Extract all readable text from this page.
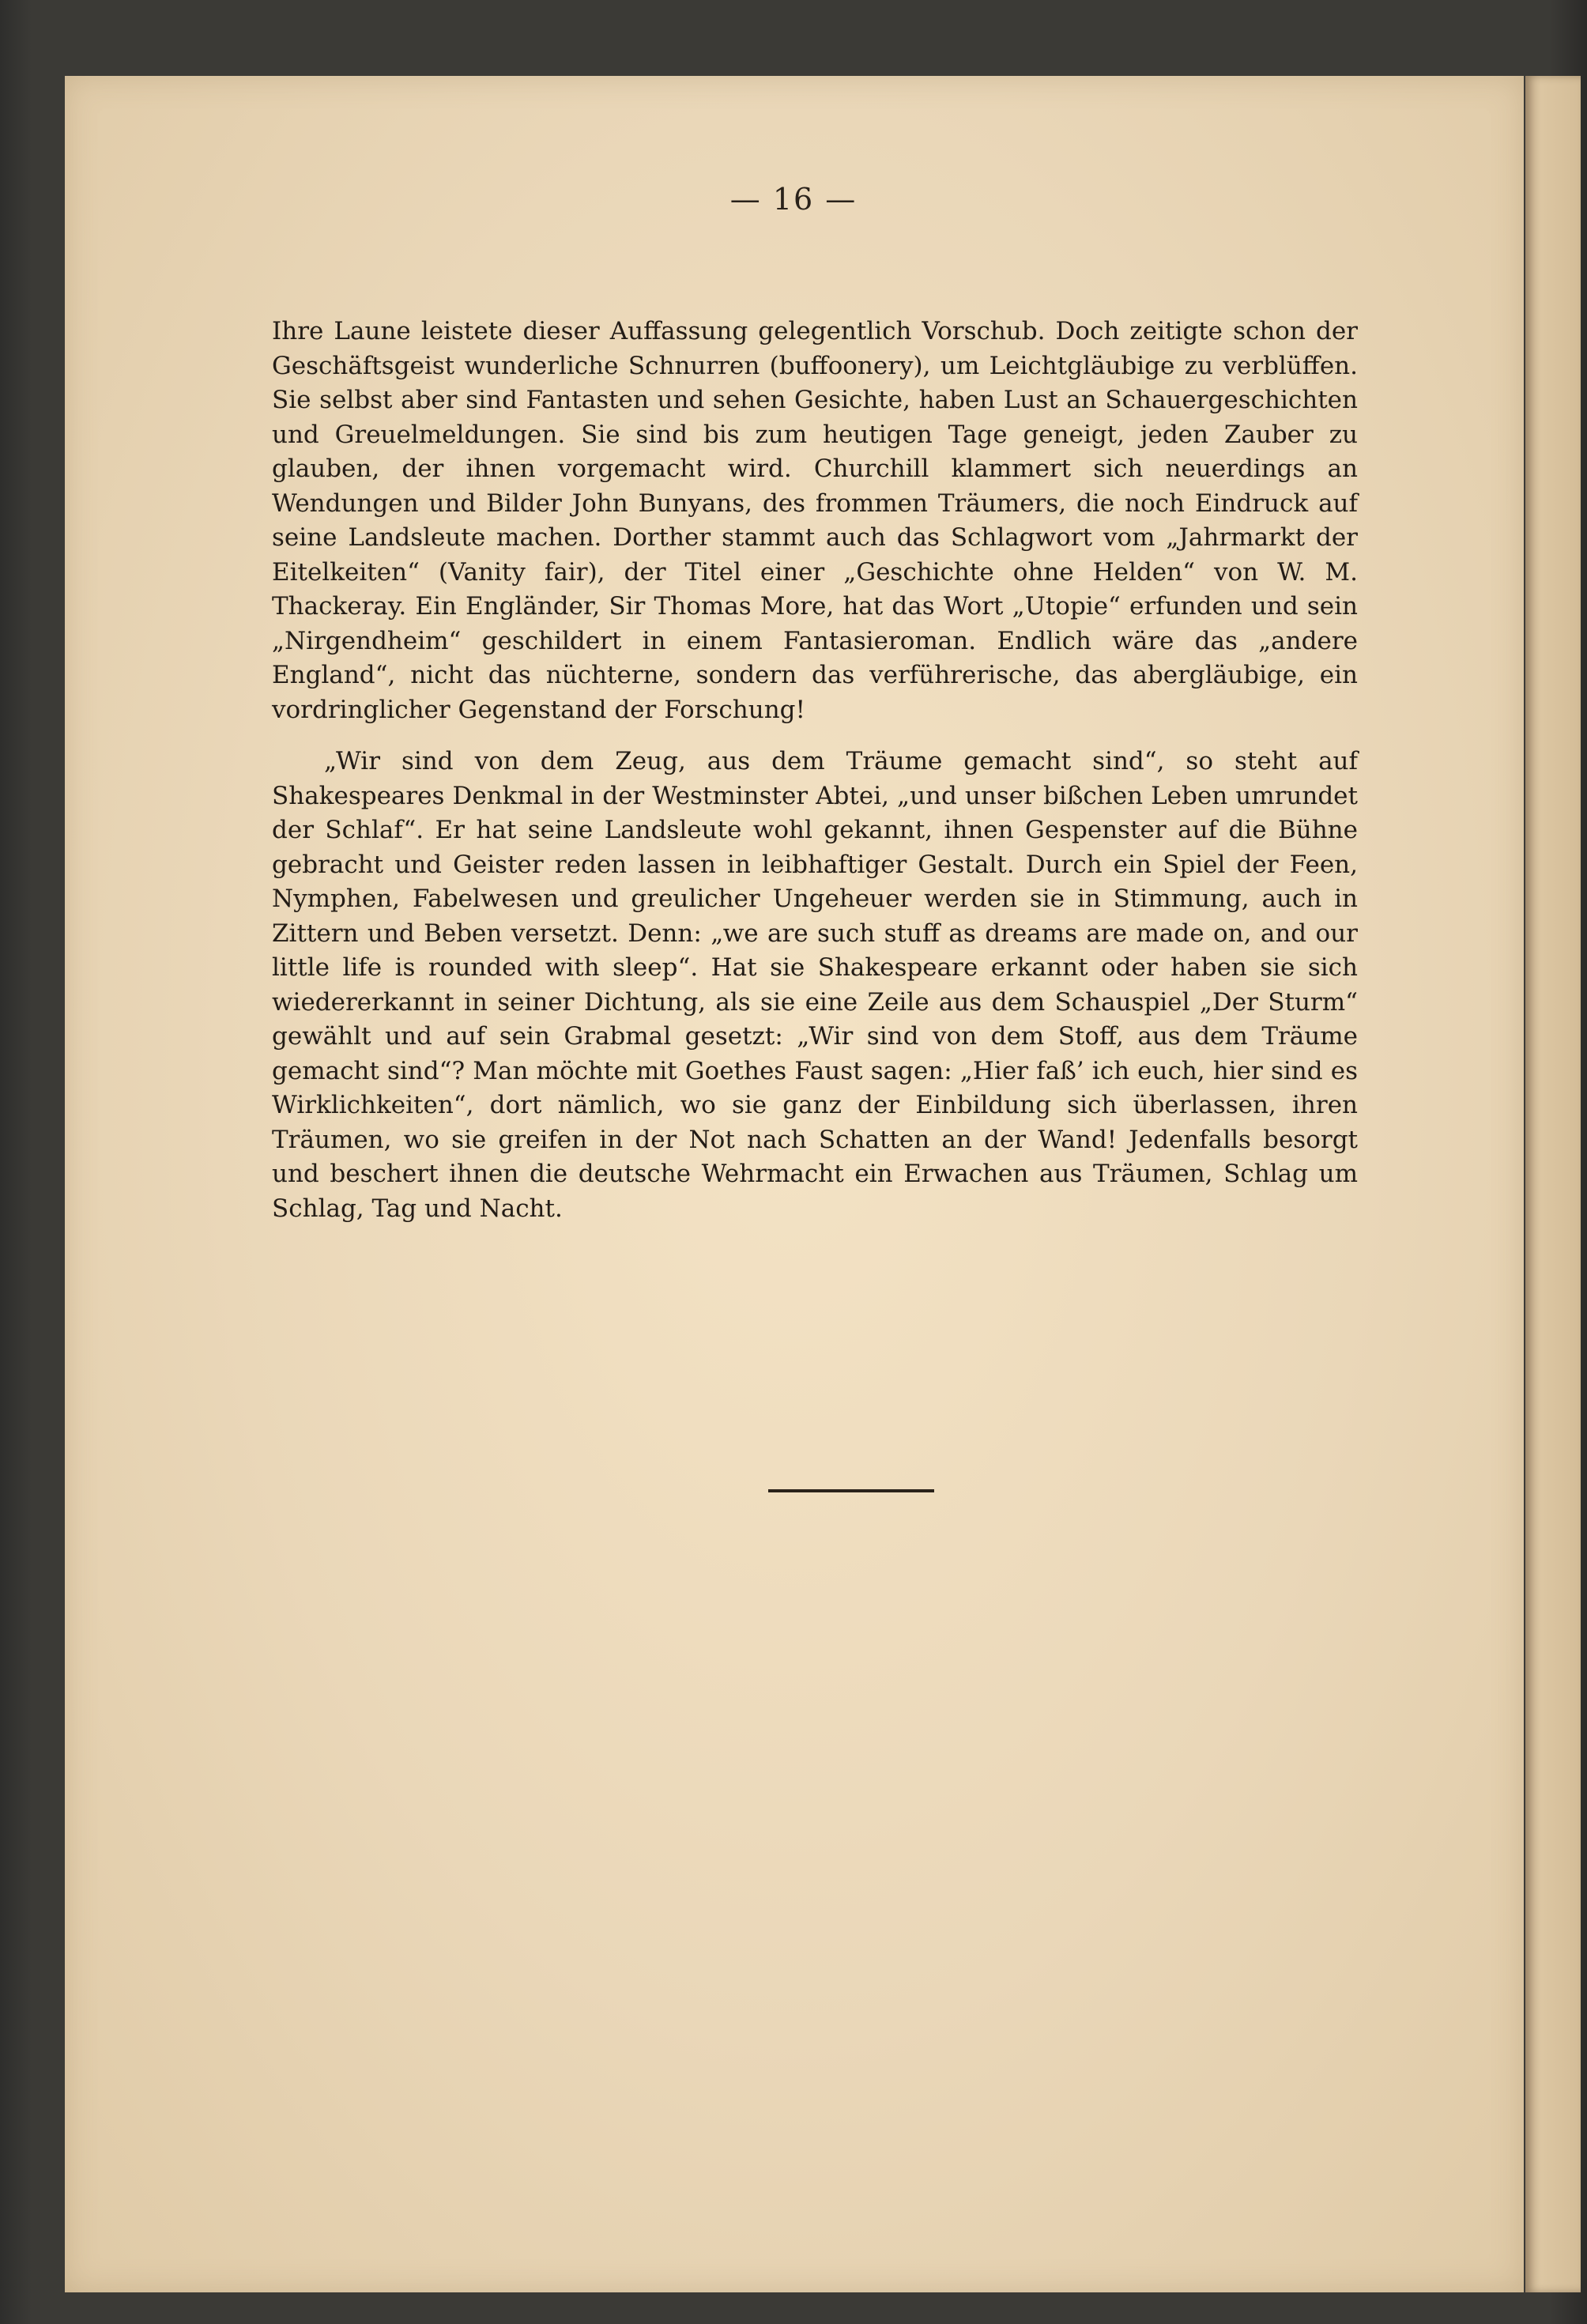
— 16 —

Ihre Laune leistete dieser Auffassung gelegentlich Vorschub. Doch zeitigte schon der Geschäftsgeist wunderliche Schnurren (buffoonery), um Leichtgläubige zu verblüffen. Sie selbst aber sind Fantasten und sehen Gesichte, haben Lust an Schauergeschichten und Greuelmeldungen. Sie sind bis zum heutigen Tage geneigt, jeden Zauber zu glauben, der ihnen vorgemacht wird. Churchill klammert sich neuerdings an Wendungen und Bilder John Bunyans, des frommen Träumers, die noch Eindruck auf seine Landsleute machen. Dorther stammt auch das Schlagwort vom „Jahrmarkt der Eitelkeiten“ (Vanity fair), der Titel einer „Geschichte ohne Helden“ von W. M. Thackeray. Ein Engländer, Sir Thomas More, hat das Wort „Utopie“ erfunden und sein „Nirgendheim“ geschildert in einem Fantasieroman. Endlich wäre das „andere England“, nicht das nüchterne, sondern das verführerische, das abergläubige, ein vordringlicher Gegenstand der Forschung!

„Wir sind von dem Zeug, aus dem Träume gemacht sind“, so steht auf Shakespeares Denkmal in der Westminster Abtei, „und unser bißchen Leben umrundet der Schlaf“. Er hat seine Landsleute wohl gekannt, ihnen Gespenster auf die Bühne gebracht und Geister reden lassen in leibhaftiger Gestalt. Durch ein Spiel der Feen, Nymphen, Fabelwesen und greulicher Ungeheuer werden sie in Stimmung, auch in Zittern und Beben versetzt. Denn: „we are such stuff as dreams are made on, and our little life is rounded with sleep“. Hat sie Shakespeare erkannt oder haben sie sich wiedererkannt in seiner Dichtung, als sie eine Zeile aus dem Schauspiel „Der Sturm“ gewählt und auf sein Grabmal gesetzt: „Wir sind von dem Stoff, aus dem Träume gemacht sind“? Man möchte mit Goethes Faust sagen: „Hier faß’ ich euch, hier sind es Wirklichkeiten“, dort nämlich, wo sie ganz der Einbildung sich überlassen, ihren Träumen, wo sie greifen in der Not nach Schatten an der Wand! Jedenfalls besorgt und beschert ihnen die deutsche Wehrmacht ein Erwachen aus Träumen, Schlag um Schlag, Tag und Nacht.
